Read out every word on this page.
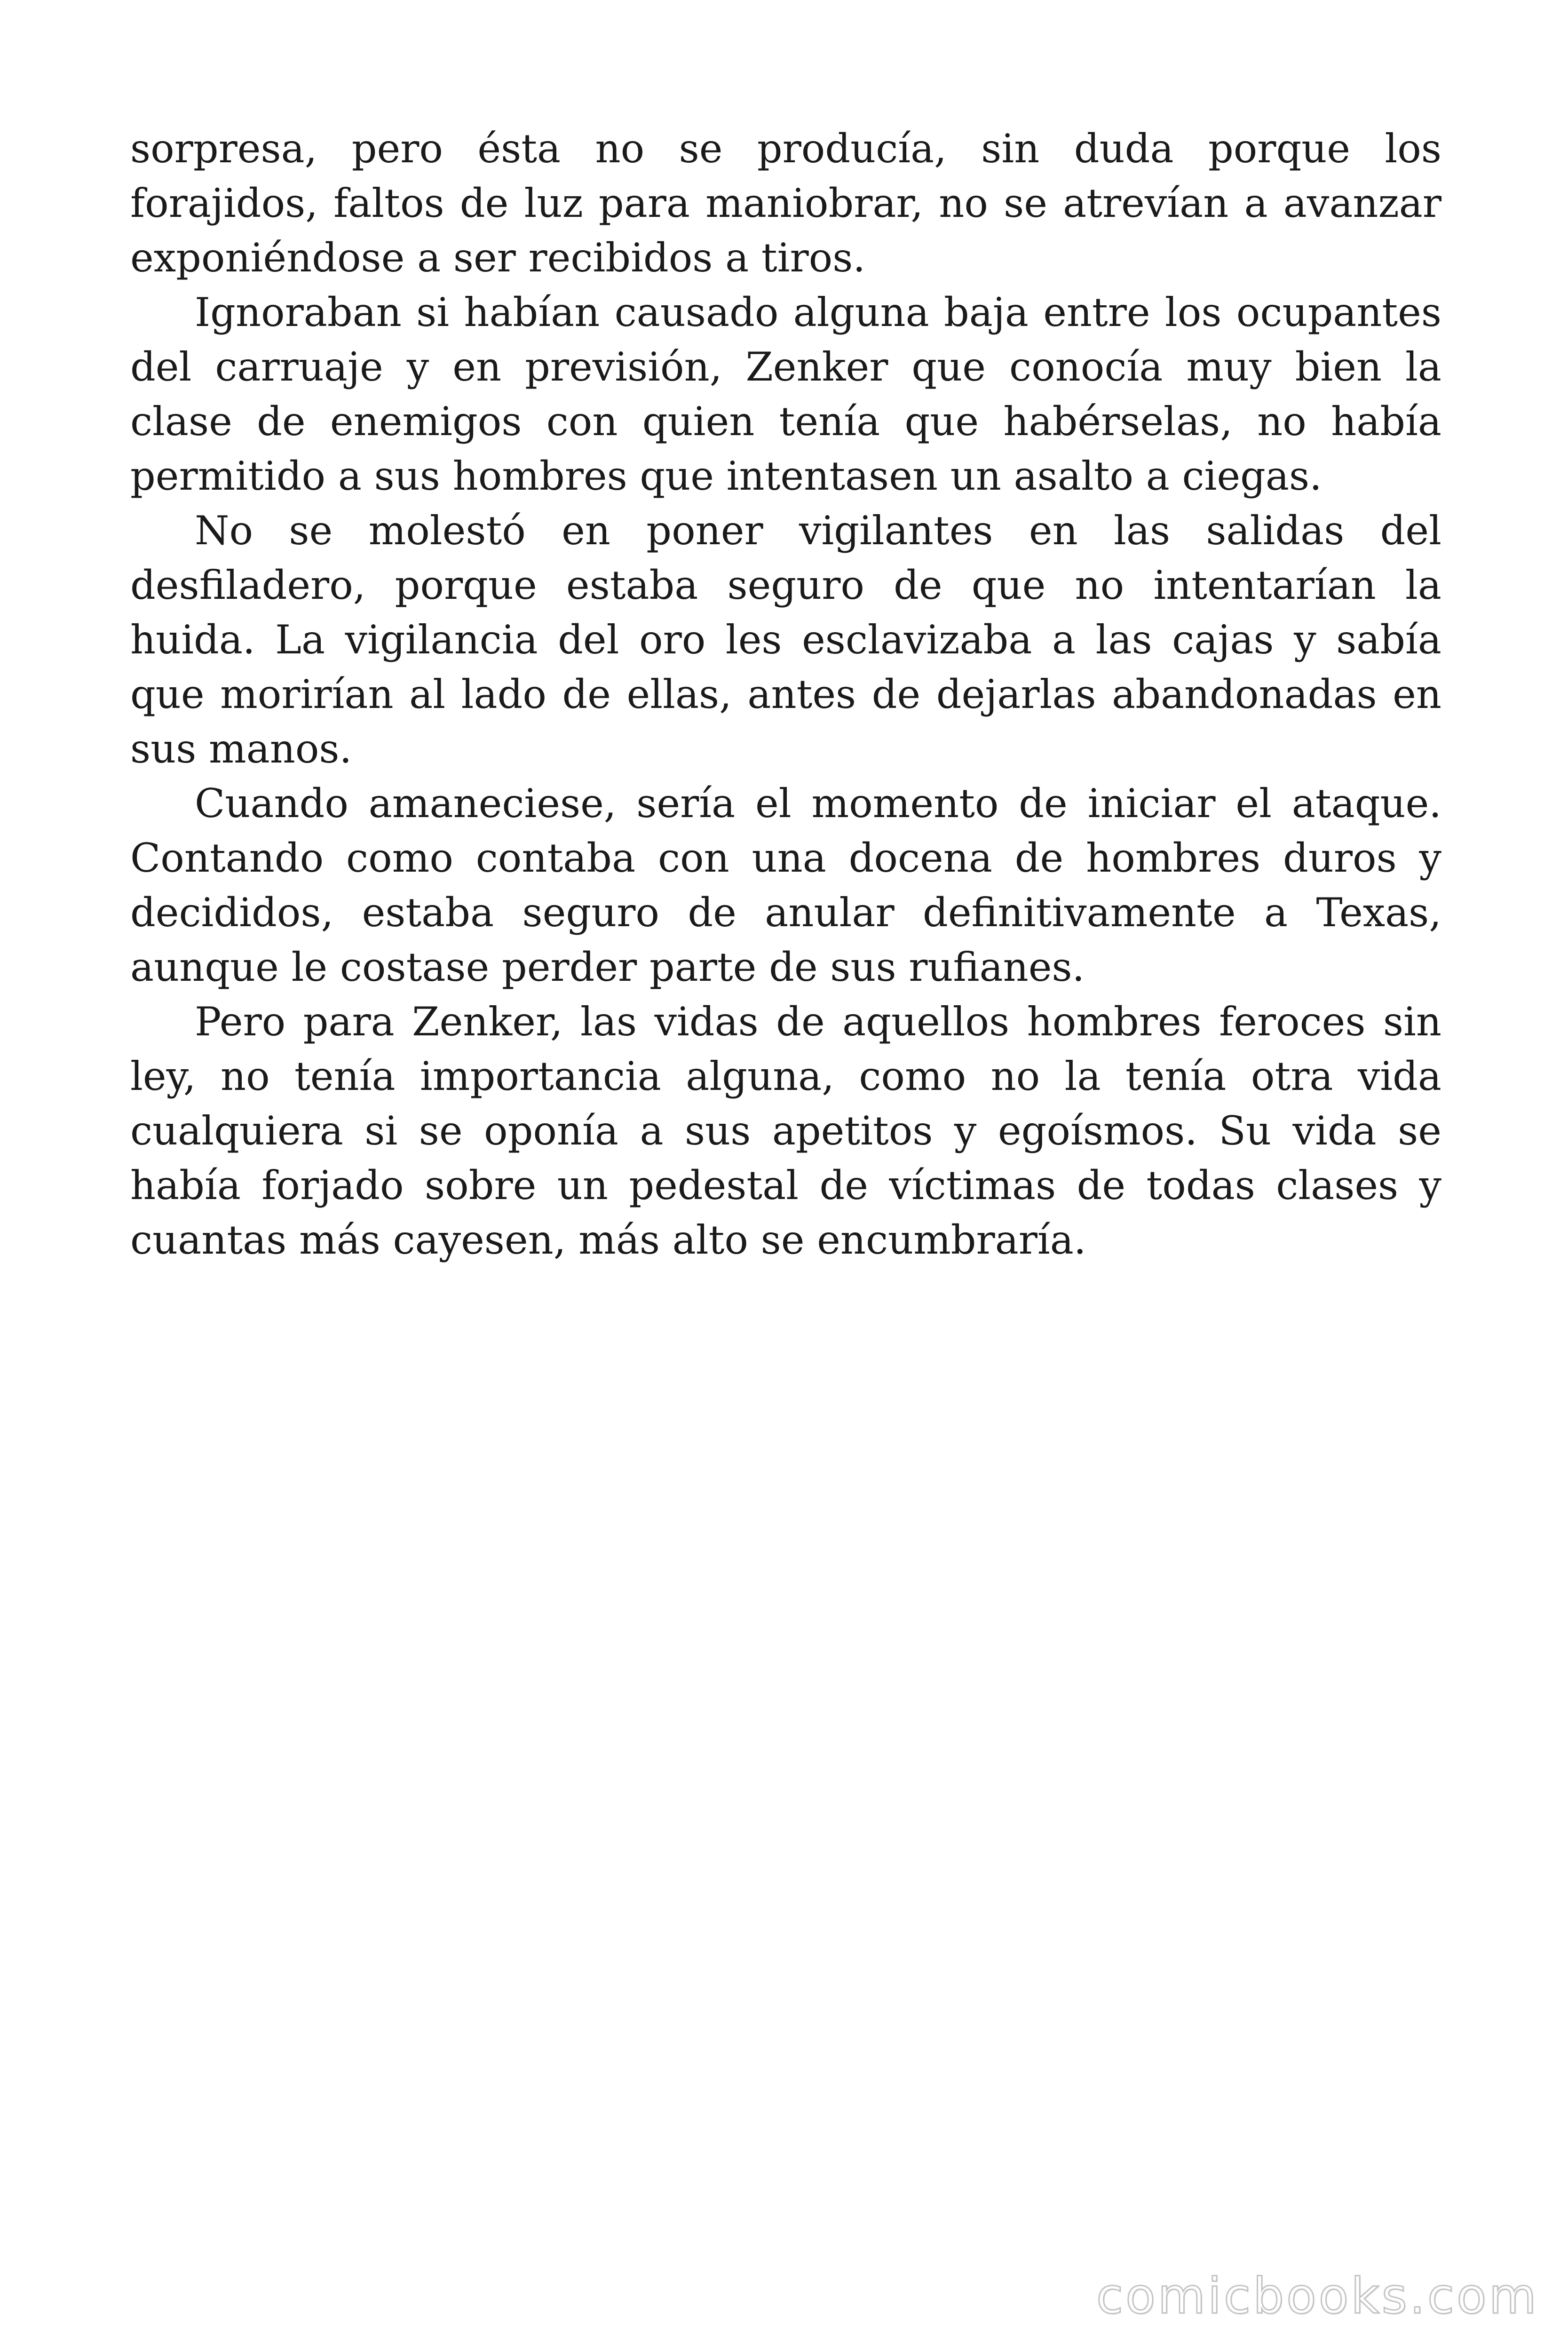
sorpresa, pero ésta no se producía, sin duda porque los forajidos, faltos de luz para maniobrar, no se atrevían a avanzar exponiéndose a ser recibidos a tiros.

Ignoraban si habían causado alguna baja entre los ocupantes del carruaje y en previsión, Zenker que conocía muy bien la clase de enemigos con quien tenía que habérselas, no había permitido a sus hombres que intentasen un asalto a ciegas.

No se molestó en poner vigilantes en las salidas del desfiladero, porque estaba seguro de que no intentarían la huida. La vigilancia del oro les esclavizaba a las cajas y sabía que morirían al lado de ellas, antes de dejarlas abandonadas en sus manos.

Cuando amaneciese, sería el momento de iniciar el ataque. Contando como contaba con una docena de hombres duros y decididos, estaba seguro de anular definitivamente a Texas, aunque le costase perder parte de sus rufianes.

Pero para Zenker, las vidas de aquellos hombres feroces sin ley, no tenía importancia alguna, como no la tenía otra vida cualquiera si se oponía a sus apetitos y egoísmos. Su vida se había forjado sobre un pedestal de víctimas de todas clases y cuantas más cayesen, más alto se encumbraría.

comicbooks.com
